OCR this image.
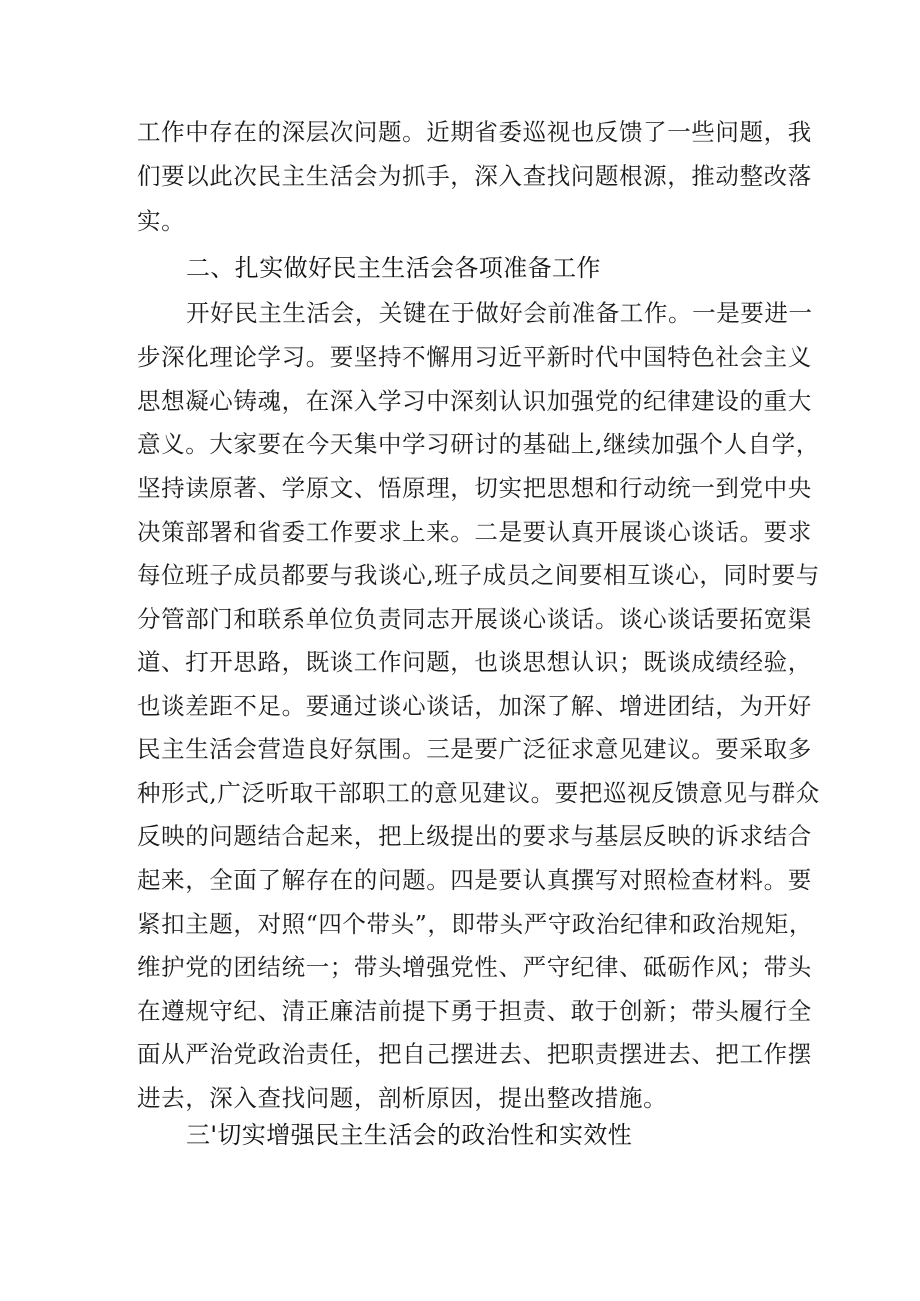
工作中存在的深层次问题。近期省委巡视也反馈了一些问题，我
们要以此次民主生活会为抓手，深入查找问题根源，推动整改落
实。
二、扎实做好民主生活会各项准备工作
开好民主生活会，关键在于做好会前准备工作。一是要进一
步深化理论学习。要坚持不懈用习近平新时代中国特色社会主义
思想凝心铸魂，在深入学习中深刻认识加强党的纪律建设的重大
意义。大家要在今天集中学习研讨的基础上,继续加强个人自学，
坚持读原著、学原文、悟原理，切实把思想和行动统一到党中央
决策部署和省委工作要求上来。二是要认真开展谈心谈话。要求
每位班子成员都要与我谈心,班子成员之间要相互谈心，同时要与
分管部门和联系单位负责同志开展谈心谈话。谈心谈话要拓宽渠
道、打开思路，既谈工作问题，也谈思想认识；既谈成绩经验，
也谈差距不足。要通过谈心谈话，加深了解、增进团结，为开好
民主生活会营造良好氛围。三是要广泛征求意见建议。要采取多
种形式,广泛听取干部职工的意见建议。要把巡视反馈意见与群众
反映的问题结合起来，把上级提出的要求与基层反映的诉求结合
起来，全面了解存在的问题。四是要认真撰写对照检查材料。要
紧扣主题，对照“四个带头”，即带头严守政治纪律和政治规矩，
维护党的团结统一；带头增强党性、严守纪律、砥砺作风；带头
在遵规守纪、清正廉洁前提下勇于担责、敢于创新；带头履行全
面从严治党政治责任，把自己摆进去、把职责摆进去、把工作摆
进去，深入查找问题，剖析原因，提出整改措施。
三'切实增强民主生活会的政治性和实效性
